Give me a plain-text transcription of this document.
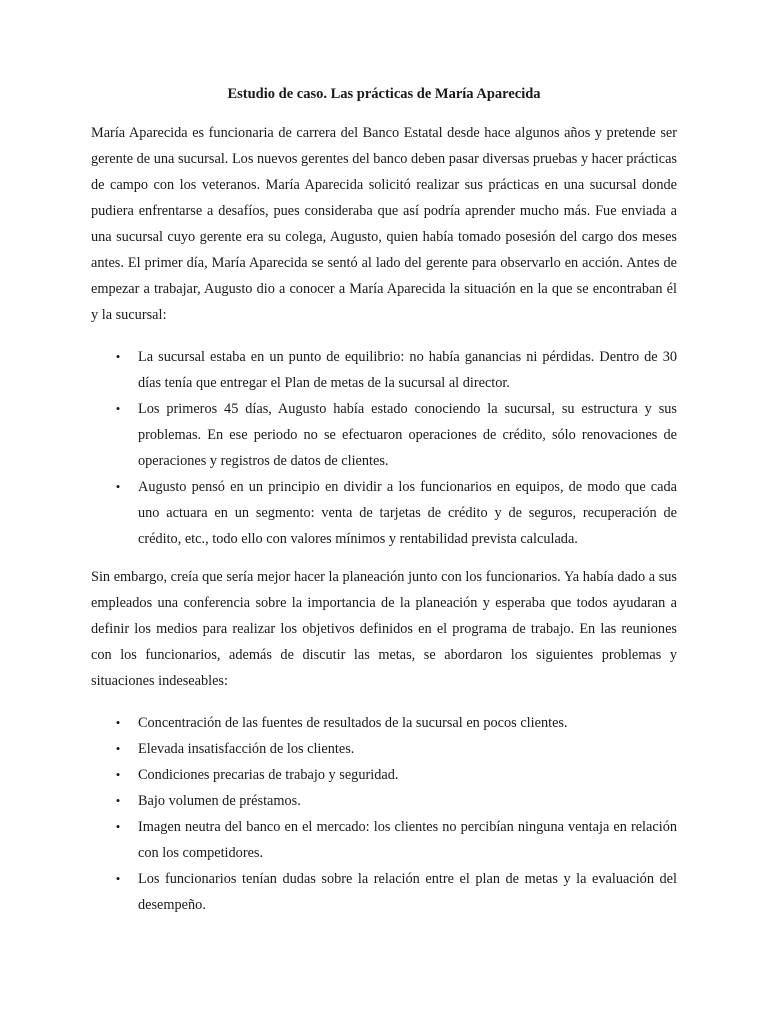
Estudio de caso. Las prácticas de María Aparecida

María Aparecida es funcionaria de carrera del Banco Estatal desde hace algunos años y pretende ser gerente de una sucursal. Los nuevos gerentes del banco deben pasar diversas pruebas y hacer prácticas de campo con los veteranos. María Aparecida solicitó realizar sus prácticas en una sucursal donde pudiera enfrentarse a desafíos, pues consideraba que así podría aprender mucho más. Fue enviada a una sucursal cuyo gerente era su colega, Augusto, quien había tomado posesión del cargo dos meses antes. El primer día, María Aparecida se sentó al lado del gerente para observarlo en acción. Antes de empezar a trabajar, Augusto dio a conocer a María Aparecida la situación en la que se encontraban él y la sucursal:

• La sucursal estaba en un punto de equilibrio: no había ganancias ni pérdidas. Dentro de 30 días tenía que entregar el Plan de metas de la sucursal al director.
• Los primeros 45 días, Augusto había estado conociendo la sucursal, su estructura y sus problemas. En ese periodo no se efectuaron operaciones de crédito, sólo renovaciones de operaciones y registros de datos de clientes.
• Augusto pensó en un principio en dividir a los funcionarios en equipos, de modo que cada uno actuara en un segmento: venta de tarjetas de crédito y de seguros, recuperación de crédito, etc., todo ello con valores mínimos y rentabilidad prevista calculada.

Sin embargo, creía que sería mejor hacer la planeación junto con los funcionarios. Ya había dado a sus empleados una conferencia sobre la importancia de la planeación y esperaba que todos ayudaran a definir los medios para realizar los objetivos definidos en el programa de trabajo. En las reuniones con los funcionarios, además de discutir las metas, se abordaron los siguientes problemas y situaciones indeseables:

• Concentración de las fuentes de resultados de la sucursal en pocos clientes.
• Elevada insatisfacción de los clientes.
• Condiciones precarias de trabajo y seguridad.
• Bajo volumen de préstamos.
• Imagen neutra del banco en el mercado: los clientes no percibían ninguna ventaja en relación con los competidores.
• Los funcionarios tenían dudas sobre la relación entre el plan de metas y la evaluación del desempeño.
